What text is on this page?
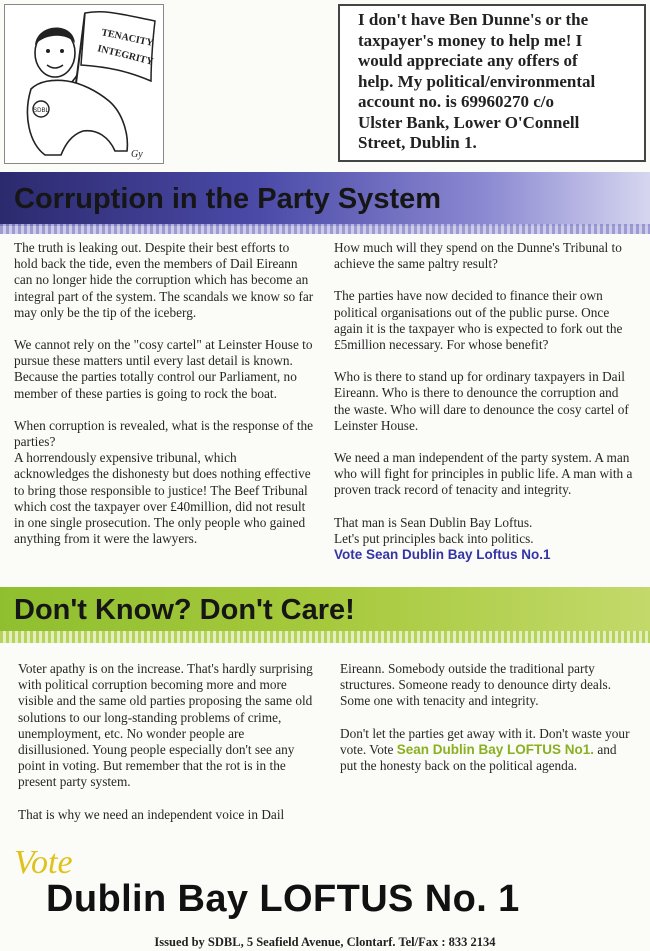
TENACITY
INTEGRITY
SDBL
Gy
I don't have Ben Dunne's or the
taxpayer's money to help me! I
would appreciate any offers of
help. My political/environmental
account no. is 69960270 c/o
Ulster Bank, Lower O'Connell
Street, Dublin 1.
Corruption in the Party System

The truth is leaking out. Despite their best efforts to hold back the tide, even the members of Dail Eireann can no longer hide the corruption which has become an integral part of the system. The scandals we know so far may only be the tip of the iceberg.

We cannot rely on the "cosy cartel" at Leinster House to pursue these matters until every last detail is known. Because the parties totally control our Parliament, no member of these parties is going to rock the boat.

When corruption is revealed, what is the response of the parties?

A horrendously expensive tribunal, which acknowledges the dishonesty but does nothing effective to bring those responsible to justice! The Beef Tribunal which cost the taxpayer over £40million, did not result in one single prosecution. The only people who gained anything from it were the lawyers.

How much will they spend on the Dunne's Tribunal to achieve the same paltry result?

The parties have now decided to finance their own political organisations out of the public purse. Once again it is the taxpayer who is expected to fork out the £5million necessary. For whose benefit?

Who is there to stand up for ordinary taxpayers in Dail Eireann. Who is there to denounce the corruption and the waste. Who will dare to denounce the cosy cartel of Leinster House.

We need a man independent of the party system. A man who will fight for principles in public life. A man with a proven track record of tenacity and integrity.

That man is Sean Dublin Bay Loftus.

Let's put principles back into politics.

Vote Sean Dublin Bay Loftus No.1
Don't Know? Don't Care!

Voter apathy is on the increase. That's hardly surprising with political corruption becoming more and more visible and the same old parties proposing the same old solutions to our long-standing problems of crime, unemployment, etc. No wonder people are disillusioned. Young people especially don't see any point in voting. But remember that the rot is in the present party system.

That is why we need an independent voice in Dail

Eireann. Somebody outside the traditional party structures. Someone ready to denounce dirty deals. Some one with tenacity and integrity.

Don't let the parties get away with it. Don't waste your vote. Vote Sean Dublin Bay LOFTUS No1. and put the honesty back on the political agenda.

Vote
Dublin Bay LOFTUS No. 1
Issued by SDBL, 5 Seafield Avenue, Clontarf. Tel/Fax : 833 2134
